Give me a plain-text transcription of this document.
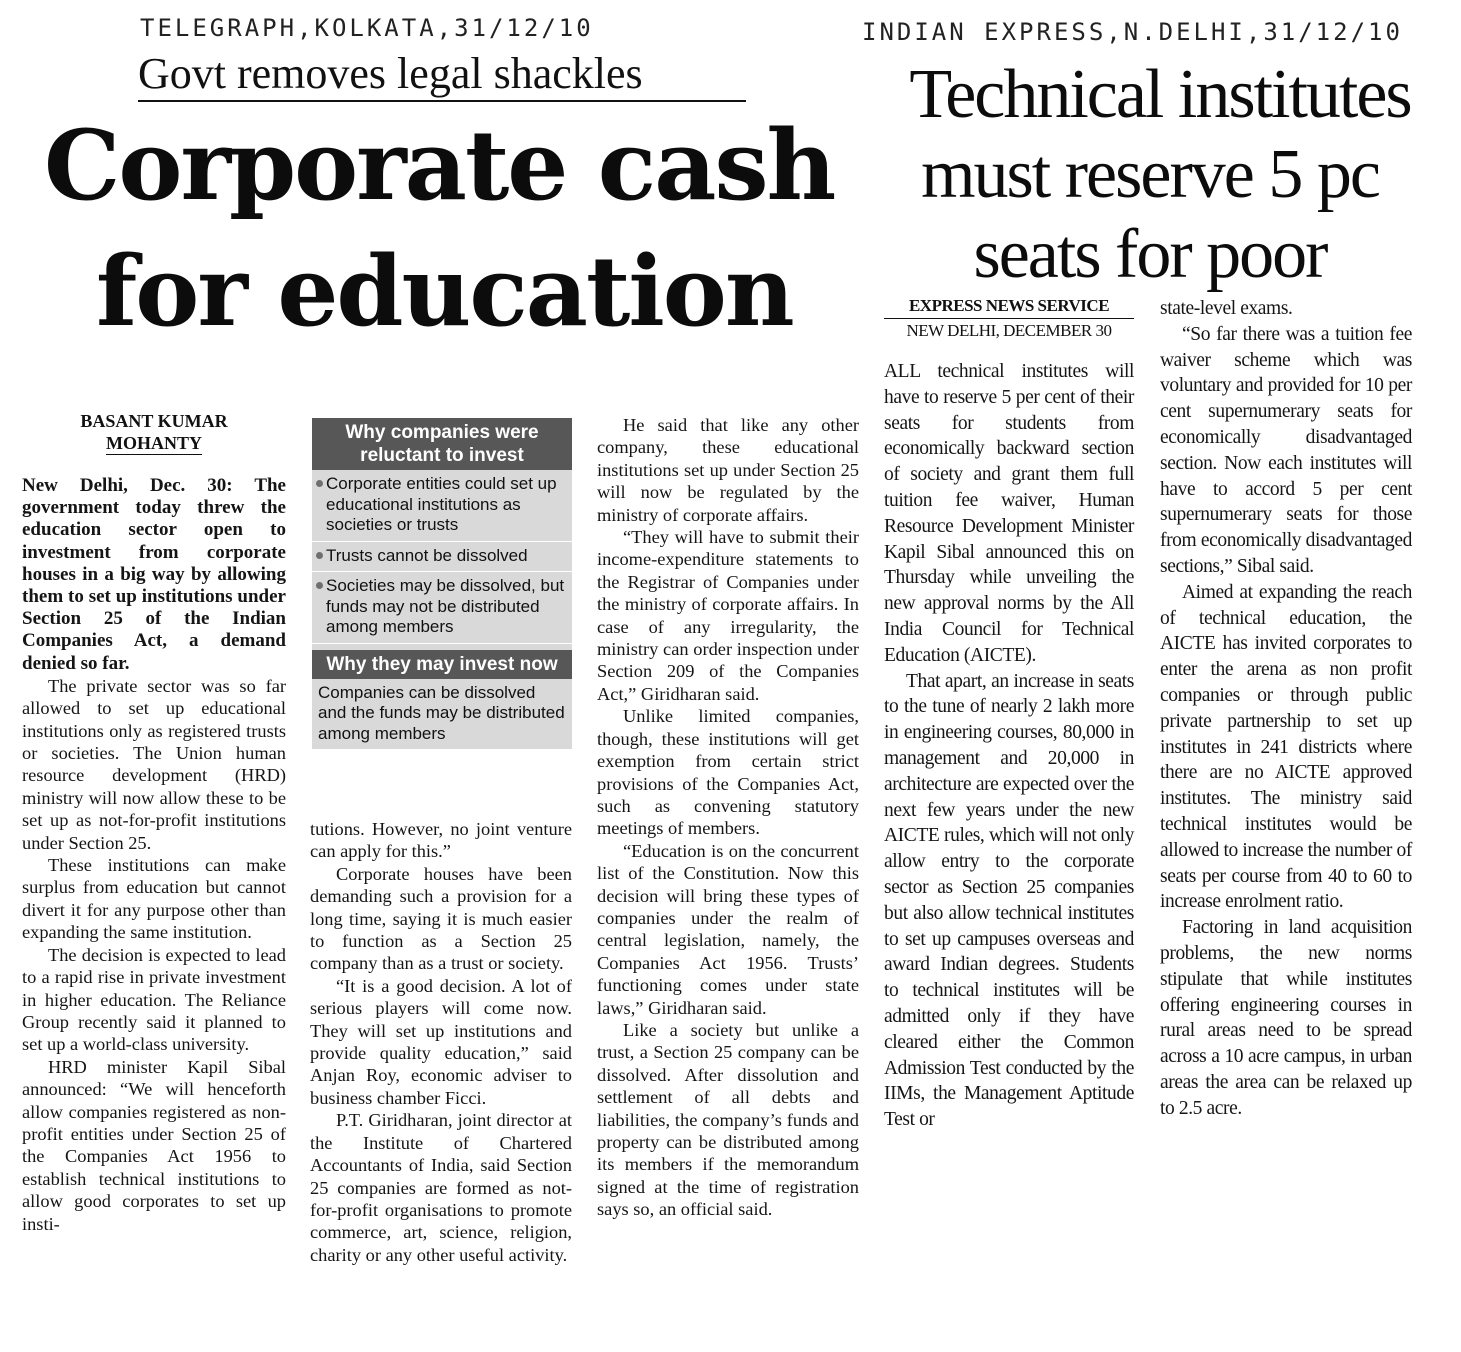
TELEGRAPH,KOLKATA,31/12/10
Govt removes legal shackles
Corporate cash
for education
BASANT KUMAR
MOHANTY

New Delhi, Dec. 30: The government today threw the education sector open to investment from corporate houses in a big way by allowing them to set up institutions under Section 25 of the Indian Companies Act, a demand denied so far.

The private sector was so far allowed to set up educational institutions only as registered trusts or societies. The Union human resource development (HRD) ministry will now allow these to be set up as not-for-profit institutions under Section 25.

These institutions can make surplus from education but cannot divert it for any purpose other than expanding the same institution.

The decision is expected to lead to a rapid rise in private investment in higher education. The Reliance Group recently said it planned to set up a world-class university.

HRD minister Kapil Sibal announced: “We will henceforth allow companies registered as non-profit entities under Section 25 of the Companies Act 1956 to establish technical institutions to allow good corporates to set up insti-

Why companies were reluctant to invest
Corporate entities could set up educational institutions as societies or trusts
Trusts cannot be dissolved
Societies may be dissolved, but funds may not be distributed among members
Why they may invest now
Companies can be dissolved and the funds may be distributed among members

tutions. However, no joint venture can apply for this.”

Corporate houses have been demanding such a provision for a long time, saying it is much easier to function as a Section 25 company than as a trust or society.

“It is a good decision. A lot of serious players will come now. They will set up institutions and provide quality education,” said Anjan Roy, economic adviser to business chamber Ficci.

P.T. Giridharan, joint director at the Institute of Chartered Accountants of India, said Section 25 companies are formed as not-for-profit organisations to promote commerce, art, science, religion, charity or any other useful activity.

He said that like any other company, these educational institutions set up under Section 25 will now be regulated by the ministry of corporate affairs.

“They will have to submit their income-expenditure statements to the Registrar of Companies under the ministry of corporate affairs. In case of any irregularity, the ministry can order inspection under Section 209 of the Companies Act,” Giridharan said.

Unlike limited companies, though, these institutions will get exemption from certain strict provisions of the Companies Act, such as convening statutory meetings of members.

“Education is on the concurrent list of the Constitution. Now this decision will bring these types of companies under the realm of central legislation, namely, the Companies Act 1956. Trusts’ functioning comes under state laws,” Giridharan said.

Like a society but unlike a trust, a Section 25 company can be dissolved. After dissolution and settlement of all debts and liabilities, the company’s funds and property can be distributed among its members if the memorandum signed at the time of registration says so, an official said.

INDIAN EXPRESS,N.DELHI,31/12/10
Technical institutes
must reserve 5 pc
seats for poor
EXPRESS NEWS SERVICE
NEW DELHI, DECEMBER 30

ALL technical institutes will have to reserve 5 per cent of their seats for students from economically backward section of society and grant them full tuition fee waiver, Human Resource Development Minister Kapil Sibal announced this on Thursday while unveiling the new approval norms by the All India Council for Technical Education (AICTE).

That apart, an increase in seats to the tune of nearly 2 lakh more in engineering courses, 80,000 in management and 20,000 in architecture are expected over the next few years under the new AICTE rules, which will not only allow entry to the corporate sector as Section 25 companies but also allow technical institutes to set up campuses overseas and award Indian degrees. Students to technical institutes will be admitted only if they have cleared either the Common Admission Test conducted by the IIMs, the Management Aptitude Test or

state-level exams.

“So far there was a tuition fee waiver scheme which was voluntary and provided for 10 per cent supernumerary seats for economically disadvantaged section. Now each institutes will have to accord 5 per cent supernumerary seats for those from economically disadvantaged sections,” Sibal said.

Aimed at expanding the reach of technical education, the AICTE has invited corporates to enter the arena as non profit companies or through public private partnership to set up institutes in 241 districts where there are no AICTE approved institutes. The ministry said technical institutes would be allowed to increase the number of seats per course from 40 to 60 to increase enrolment ratio.

Factoring in land acquisition problems, the new norms stipulate that while institutes offering engineering courses in rural areas need to be spread across a 10 acre campus, in urban areas the area can be relaxed up to 2.5 acre.
